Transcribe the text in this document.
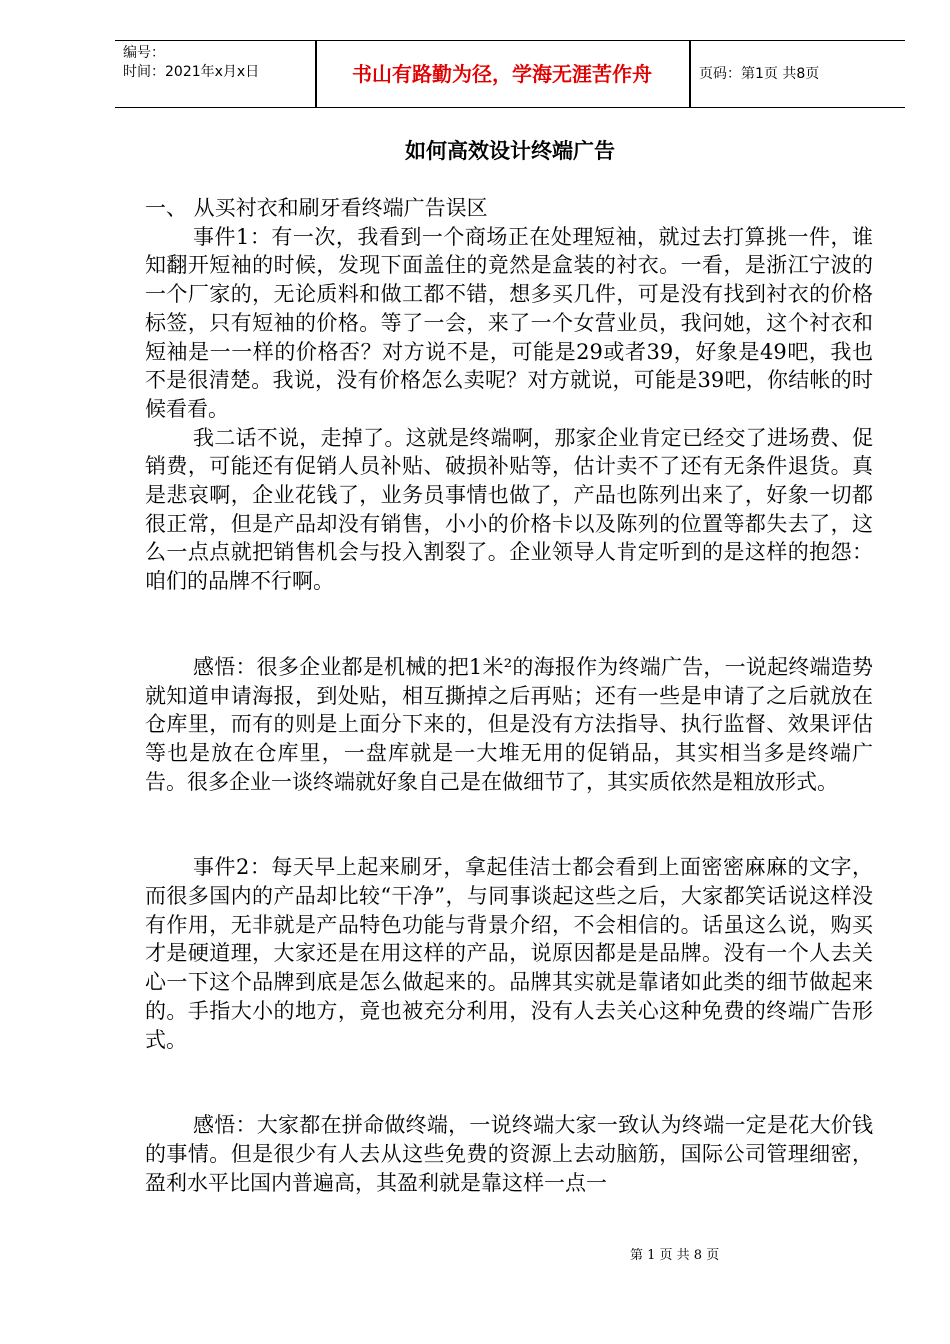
编号：
时间：2021年x月x日	书山有路勤为径，学海无涯苦作舟	页码：第1页 共8页
如何高效设计终端广告

一、 从买衬衣和刷牙看终端广告误区

事件1：有一次，我看到一个商场正在处理短袖，就过去打算挑一件，谁知翻开短袖的时候，发现下面盖住的竟然是盒装的衬衣。一看，是浙江宁波的一个厂家的，无论质料和做工都不错，想多买几件，可是没有找到衬衣的价格标签，只有短袖的价格。等了一会，来了一个女营业员，我问她，这个衬衣和短袖是一一样的价格否？对方说不是，可能是29或者39，好象是49吧，我也不是很清楚。我说，没有价格怎么卖呢？对方就说，可能是39吧，你结帐的时候看看。

我二话不说，走掉了。这就是终端啊，那家企业肯定已经交了进场费、促销费，可能还有促销人员补贴、破损补贴等，估计卖不了还有无条件退货。真是悲哀啊，企业花钱了，业务员事情也做了，产品也陈列出来了，好象一切都很正常，但是产品却没有销售，小小的价格卡以及陈列的位置等都失去了，这么一点点就把销售机会与投入割裂了。企业领导人肯定听到的是这样的抱怨：咱们的品牌不行啊。

感悟：很多企业都是机械的把1米²的海报作为终端广告，一说起终端造势就知道申请海报，到处贴，相互撕掉之后再贴；还有一些是申请了之后就放在仓库里，而有的则是上面分下来的，但是没有方法指导、执行监督、效果评估等也是放在仓库里，一盘库就是一大堆无用的促销品，其实相当多是终端广告。很多企业一谈终端就好象自己是在做细节了，其实质依然是粗放形式。

事件2：每天早上起来刷牙，拿起佳洁士都会看到上面密密麻麻的文字，而很多国内的产品却比较“干净”，与同事谈起这些之后，大家都笑话说这样没有作用，无非就是产品特色功能与背景介绍，不会相信的。话虽这么说，购买才是硬道理，大家还是在用这样的产品，说原因都是是品牌。没有一个人去关心一下这个品牌到底是怎么做起来的。品牌其实就是靠诸如此类的细节做起来的。手指大小的地方，竟也被充分利用，没有人去关心这种免费的终端广告形式。

感悟：大家都在拼命做终端，一说终端大家一致认为终端一定是花大价钱的事情。但是很少有人去从这些免费的资源上去动脑筋，国际公司管理细密，盈利水平比国内普遍高，其盈利就是靠这样一点一

第 1 页 共 8 页
